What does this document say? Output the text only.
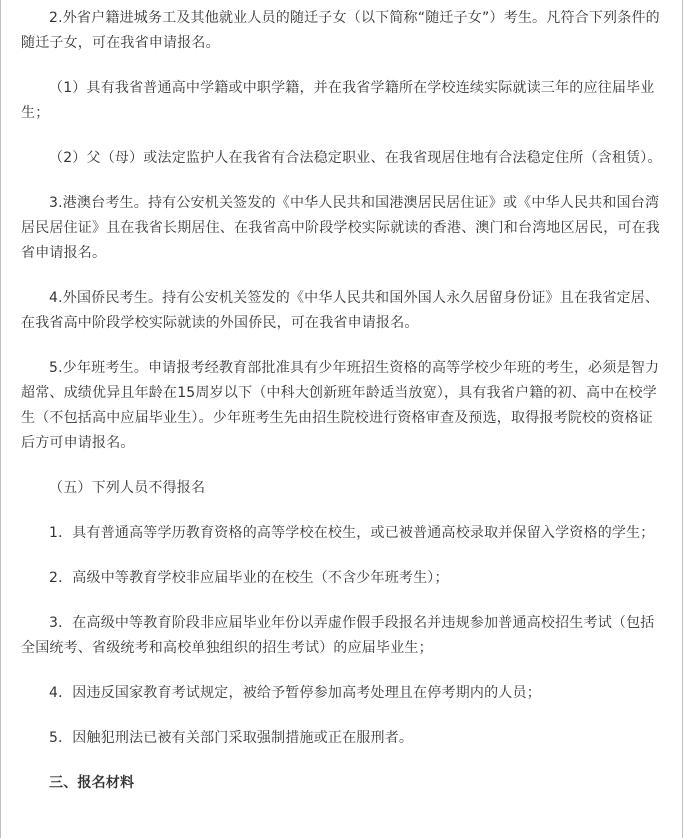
2.外省户籍进城务工及其他就业人员的随迁子女（以下简称“随迁子女”）考生。凡符合下列条件的随迁子女，可在我省申请报名。

（1）具有我省普通高中学籍或中职学籍，并在我省学籍所在学校连续实际就读三年的应往届毕业生；

（2）父（母）或法定监护人在我省有合法稳定职业、在我省现居住地有合法稳定住所（含租赁）。

3.港澳台考生。持有公安机关签发的《中华人民共和国港澳居民居住证》或《中华人民共和国台湾居民居住证》且在我省长期居住、在我省高中阶段学校实际就读的香港、澳门和台湾地区居民，可在我省申请报名。

4.外国侨民考生。持有公安机关签发的《中华人民共和国外国人永久居留身份证》且在我省定居、在我省高中阶段学校实际就读的外国侨民，可在我省申请报名。

5.少年班考生。申请报考经教育部批准具有少年班招生资格的高等学校少年班的考生，必须是智力超常、成绩优异且年龄在15周岁以下（中科大创新班年龄适当放宽），具有我省户籍的初、高中在校学生（不包括高中应届毕业生）。少年班考生先由招生院校进行资格审查及预选，取得报考院校的资格证后方可申请报名。

（五）下列人员不得报名

1．具有普通高等学历教育资格的高等学校在校生，或已被普通高校录取并保留入学资格的学生；

2．高级中等教育学校非应届毕业的在校生（不含少年班考生）；

3．在高级中等教育阶段非应届毕业年份以弄虚作假手段报名并违规参加普通高校招生考试（包括全国统考、省级统考和高校单独组织的招生考试）的应届毕业生；

4．因违反国家教育考试规定，被给予暂停参加高考处理且在停考期内的人员；

5．因触犯刑法已被有关部门采取强制措施或正在服刑者。

三、报名材料
